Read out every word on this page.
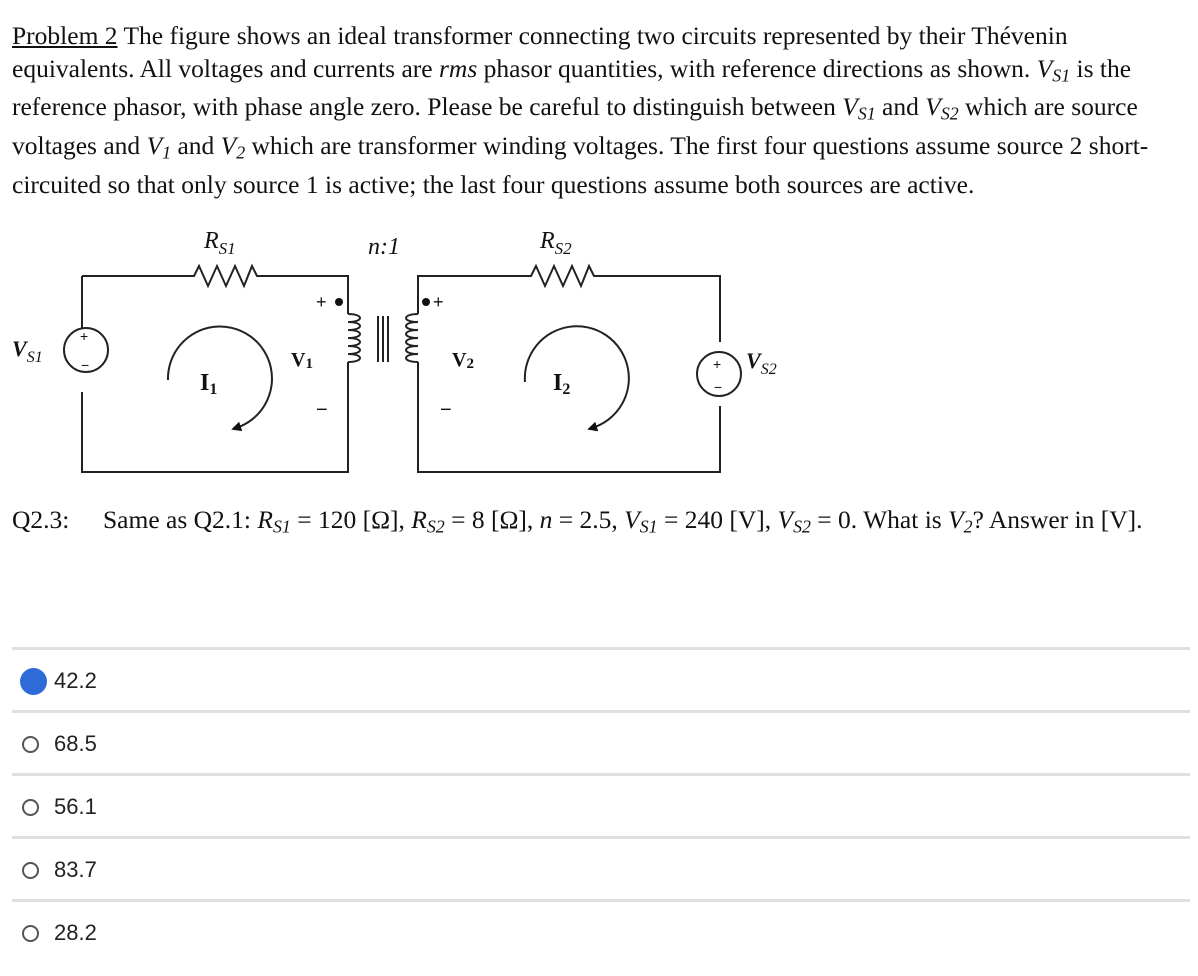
Problem 2 The figure shows an ideal transformer connecting two circuits represented by their Thévenin equivalents. All voltages and currents are rms phasor quantities, with reference directions as shown. $V_{S1}$ is the reference phasor, with phase angle zero. Please be careful to distinguish between $V_{S1}$ and $V_{S2}$ which are source voltages and $V_1$ and $V_2$ which are transformer winding voltages. The first four questions assume source 2 short-circuited so that only source 1 is active; the last four questions assume both sources are active.
$R_{S1}$	n:1	$R_{S2}$
$V_{S1}$	$V_{S2}$
I1	I2
V1	V2
+
−	+
−
+
−
+
−
Q2.3: Same as Q2.1: $R_{S1} = 120$ [Ω], $R_{S2} = 8$ [Ω], n = 2.5, $V_{S1} = 240$ [V], $V_{S2} = 0$. What is $V_2$? Answer in [V].
42.2
68.5
56.1
83.7
28.2
